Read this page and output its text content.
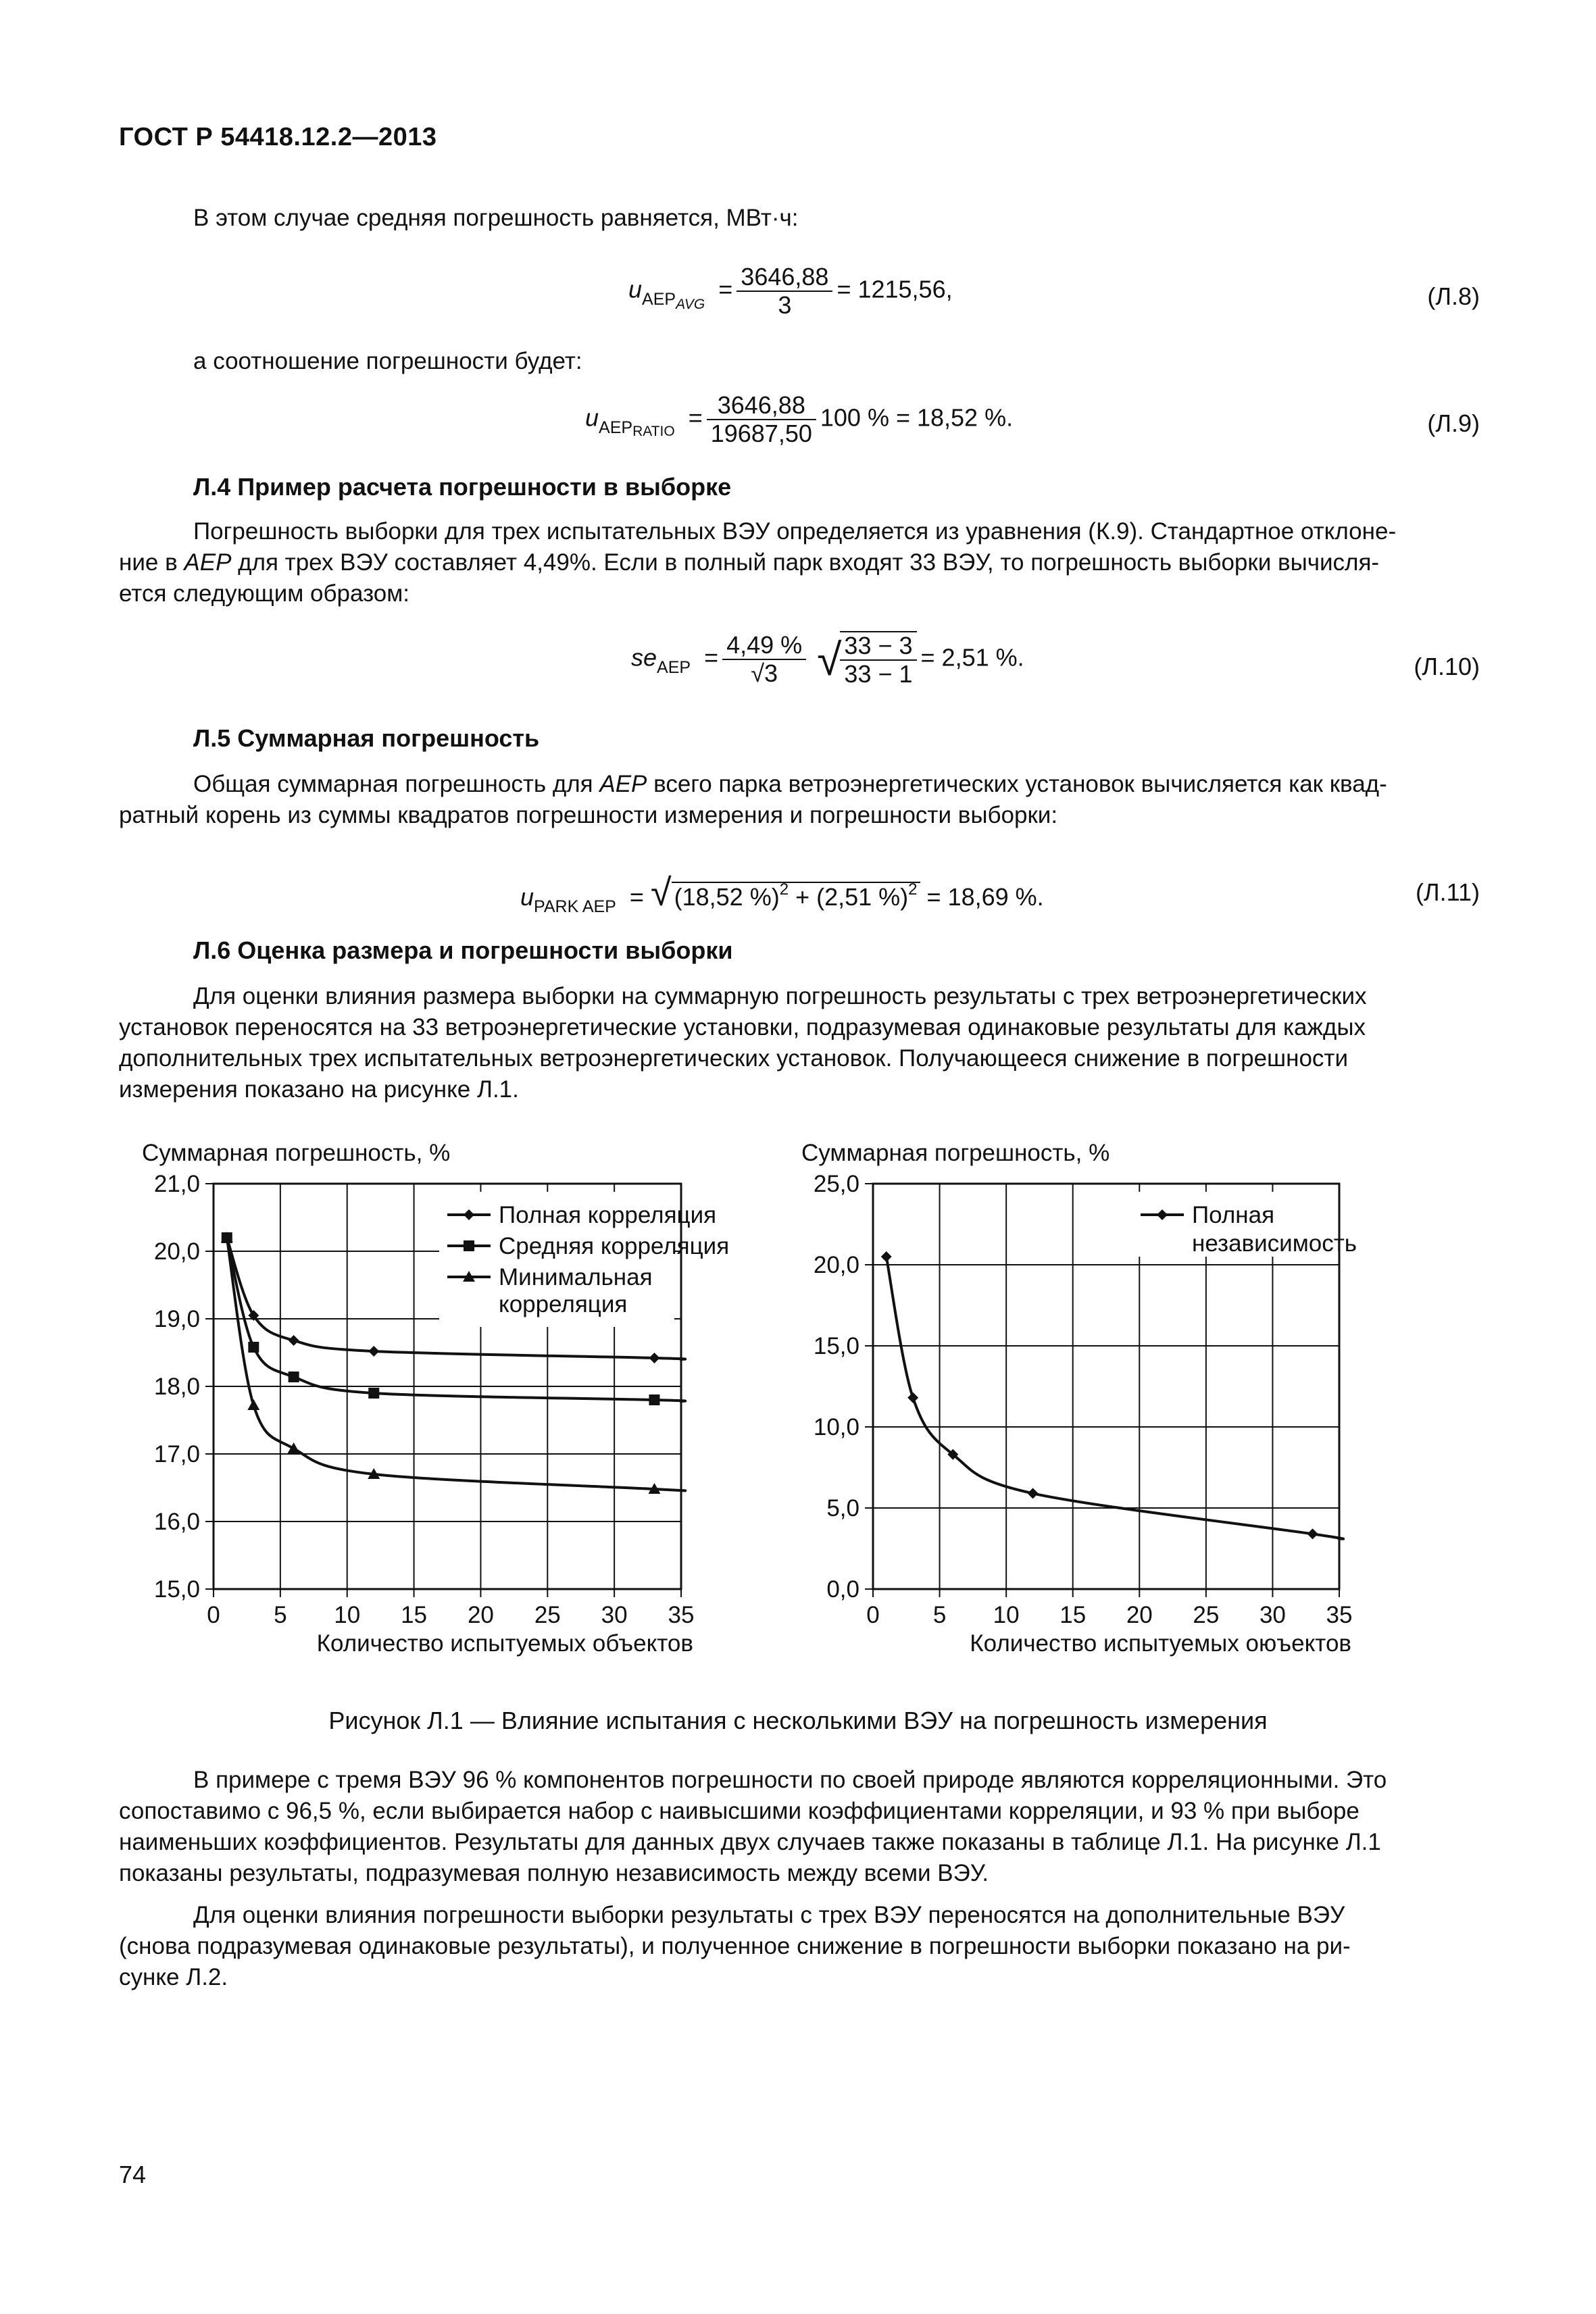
ГОСТ Р 54418.12.2—2013
В этом случае средняя погрешность равняется, МВт·ч:
$u_{AEPAVG} = \frac{3646,88}{3} = 1215,56$,	(Л.8)
а соотношение погрешности будет:
$u_{AEPRATIO} = \frac{3646,88}{19687,50} 100$ % = 18,52 %.	(Л.9)
Л.4 Пример расчета погрешности в выборке
Погрешность выборки для трех испытательных ВЭУ определяется из уравнения (К.9). Стандартное отклоне-
ние в AEP для трех ВЭУ составляет 4,49%. Если в полный парк входят 33 ВЭУ, то погрешность выборки вычисля-
ется следующим образом:
$se_{AEP} = \frac{4,49 \%}{√3}$ √
$\frac{33 - 3}{33 - 1} = 2,51$ %.	(Л.10)
Л.5 Суммарная погрешность
Общая суммарная погрешность для AEP всего парка ветроэнергетических установок вычисляется как квад-
ратный корень из суммы квадратов погрешности измерения и погрешности выборки:
$u_{PARK AEP}$  = √ (18,52 %)$^2$ + (2,51 %)$^2$ = 18,69 %.	(Л.11)
Л.6 Оценка размера и погрешности выборки
Для оценки влияния размера выборки на суммарную погрешность результаты с трех ветроэнергетических
установок переносятся на 33 ветроэнергетические установки, подразумевая одинаковые результаты для каждых
дополнительных трех испытательных ветроэнергетических установок. Получающееся снижение в погрешности
измерения показано на рисунке Л.1.
Суммарная погрешность, %
0 5 10 15 20 25 30 35
15,0
16,0
17,0
18,0
19,0
20,0
21,0
Количество испытуемых объектов
Полная корреляция
Средняя корреляция
Минимальная
корреляция
Суммарная погрешность, %
0 5 10 15 20 25 30 35
0,0
5,0
10,0
15,0
20,0
25,0
Количество испытуемых оюъектов
Полная
независимость
Рисунок Л.1 — Влияние испытания с несколькими ВЭУ на погрешность измерения
В примере с тремя ВЭУ 96 % компонентов погрешности по своей природе являются корреляционными. Это
сопоставимо с 96,5 %, если выбирается набор с наивысшими коэффициентами корреляции, и 93 % при выборе
наименьших коэффициентов. Результаты для данных двух случаев также показаны в таблице Л.1. На рисунке Л.1
показаны результаты, подразумевая полную независимость между всеми ВЭУ.
Для оценки влияния погрешности выборки результаты с трех ВЭУ переносятся на дополнительные ВЭУ
(снова подразумевая одинаковые результаты), и полученное снижение в погрешности выборки показано на ри-
сунке Л.2.
74
